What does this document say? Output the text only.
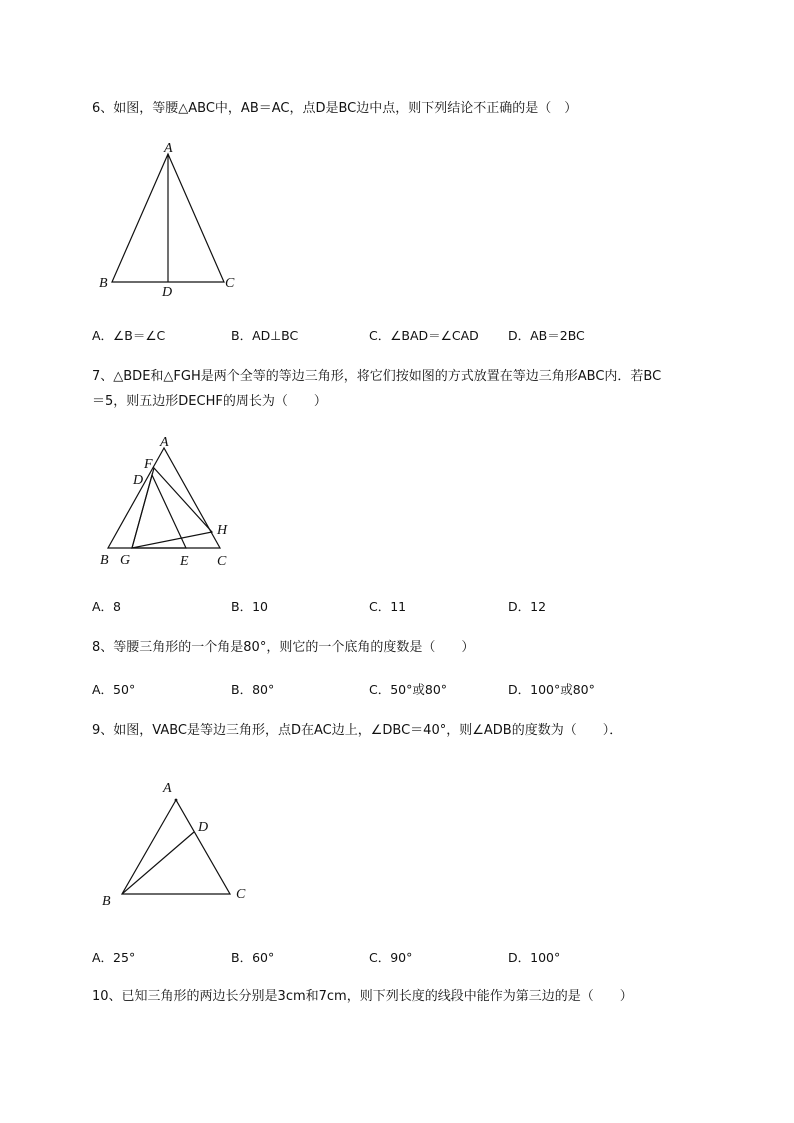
6、如图，等腰△ABC中，AB＝AC，点D是BC边中点，则下列结论不正确的是（　）
A
B	C
D
A．∠B＝∠C	B．AD⊥BC	C．∠BAD＝∠CAD D．AB＝2BC
7、△BDE和△FGH是两个全等的等边三角形，将它们按如图的方式放置在等边三角形ABC内．若BC
＝5，则五边形DECHF的周长为（　　）
A
F
D
H
B G	E C
A．8	B．10	C．11	D．12
8、等腰三角形的一个角是80°，则它的一个底角的度数是（　　）
A．50°	B．80°	C．50°或80°	D．100°或80°
9、如图，VABC是等边三角形，点D在AC边上，∠DBC＝40°，则∠ADB的度数为（　　）．
A
D
B	C
A．25°	B．60°	C．90°	D．100°
10、已知三角形的两边长分别是3cm和7cm，则下列长度的线段中能作为第三边的是（　　）
